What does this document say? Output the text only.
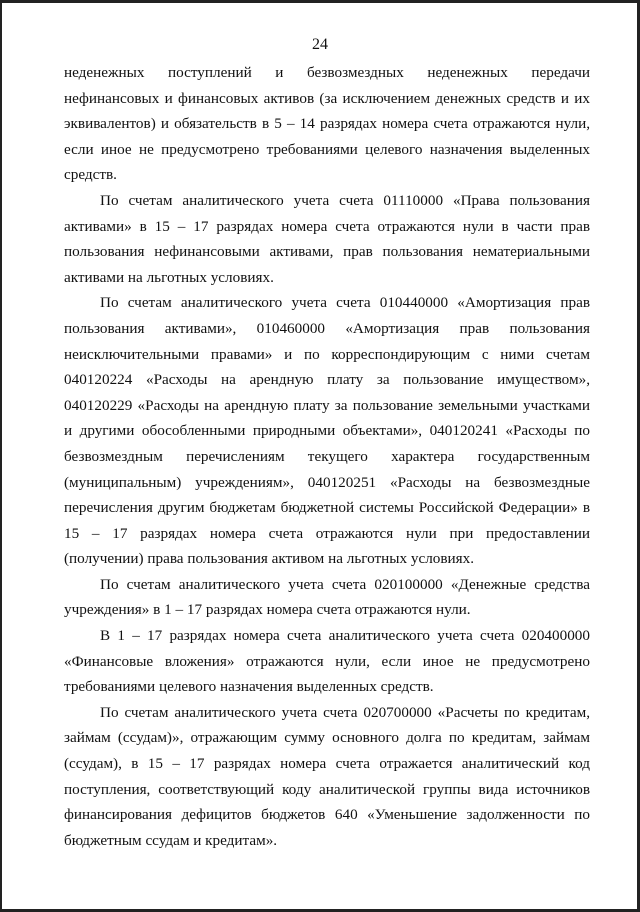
24

неденежных поступлений и безвозмездных неденежных передачи нефинансовых и финансовых активов (за исключением денежных средств и их эквивалентов) и обязательств в 5 – 14 разрядах номера счета отражаются нули, если иное не предусмотрено требованиями целевого назначения выделенных средств.

По счетам аналитического учета счета 01110000 «Права пользования активами» в 15 – 17 разрядах номера счета отражаются нули в части прав пользования нефинансовыми активами, прав пользования нематериальными активами на льготных условиях.

По счетам аналитического учета счета 010440000 «Амортизация прав пользования активами», 010460000 «Амортизация прав пользования неисключительными правами» и по корреспондирующим с ними счетам 040120224 «Расходы на арендную плату за пользование имуществом», 040120229 «Расходы на арендную плату за пользование земельными участками и другими обособленными природными объектами», 040120241 «Расходы по безвозмездным перечислениям текущего характера государственным (муниципальным) учреждениям», 040120251 «Расходы на безвозмездные перечисления другим бюджетам бюджетной системы Российской Федерации» в 15 – 17 разрядах номера счета отражаются нули при предоставлении (получении) права пользования активом на льготных условиях.

По счетам аналитического учета счета 020100000 «Денежные средства учреждения» в 1 – 17 разрядах номера счета отражаются нули.

В 1 – 17 разрядах номера счета аналитического учета счета 020400000 «Финансовые вложения» отражаются нули, если иное не предусмотрено требованиями целевого назначения выделенных средств.

По счетам аналитического учета счета 020700000 «Расчеты по кредитам, займам (ссудам)», отражающим сумму основного долга по кредитам, займам (ссудам), в 15 – 17 разрядах номера счета отражается аналитический код поступления, соответствующий коду аналитической группы вида источников финансирования дефицитов бюджетов 640 «Уменьшение задолженности по бюджетным ссудам и кредитам».
